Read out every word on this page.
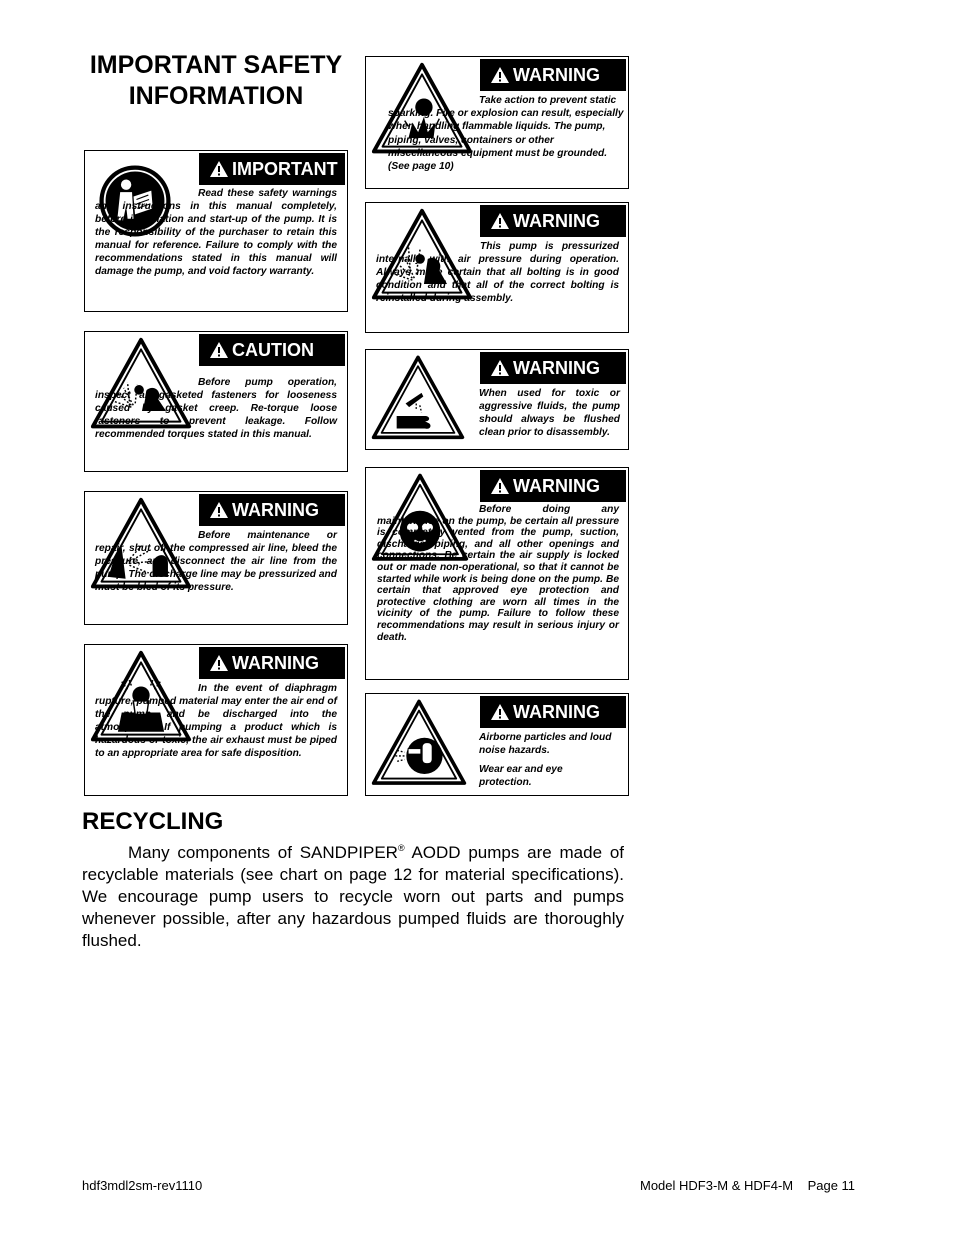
IMPORTANT SAFETY
INFORMATION
IMPORTANT
Read these safety warnings and instructions in this manual completely, before installation and start-up of the pump. It is the responsibility of the purchaser to retain this manual for reference. Failure to comply with the recommendations stated in this manual will damage the pump, and void factory warranty.
CAUTION
Before pump operation, inspect all gasketed fasteners for looseness caused by gasket creep. Re-torque loose fasteners to prevent leakage. Follow recommended torques stated in this manual.
WARNING
Before maintenance or repair, shut off the compressed air line, bleed the pressure, and disconnect the air line from the pump. The discharge line may be pressurized and must be bled of its pressure.
WARNING
In the event of diaphragm rupture, pumped material may enter the air end of the pump, and be discharged into the atmosphere. If pumping a product which is hazardous or toxic, the air exhaust must be piped to an appropriate area for safe disposition.
WARNING
Take action to prevent static sparking. Fire or explosion can result, especially when handling flammable liquids. The pump, piping, valves, containers or other miscellaneous equipment must be grounded. (See page 10)
WARNING
This pump is pressurized internally with air pressure during operation. Always make certain that all bolting is in good condition and that all of the correct bolting is reinstalled during assembly.
WARNING
When used for toxic or aggressive fluids, the pump should always be flushed clean prior to disassembly.
WARNING
Before doing any maintenance on the pump, be certain all pressure is completely vented from the pump, suction, discharge, piping, and all other openings and connections. Be certain the air supply is locked out or made non-operational, so that it cannot be started while work is being done on the pump. Be certain that approved eye protection and protective clothing are worn all times in the vicinity of the pump. Failure to follow these recommendations may result in serious injury or death.
WARNING
Airborne particles and loud noise hazards.
Wear ear and eye protection.
RECYCLING

Many components of SANDPIPER® AODD pumps are made of recyclable materials (see chart on page 12 for material specifications). We encourage pump users to recycle worn out parts and pumps whenever possible, after any hazardous pumped fluids are thoroughly flushed.

hdf3mdl2sm-rev1110	Model HDF3-M & HDF4-M    Page 11
